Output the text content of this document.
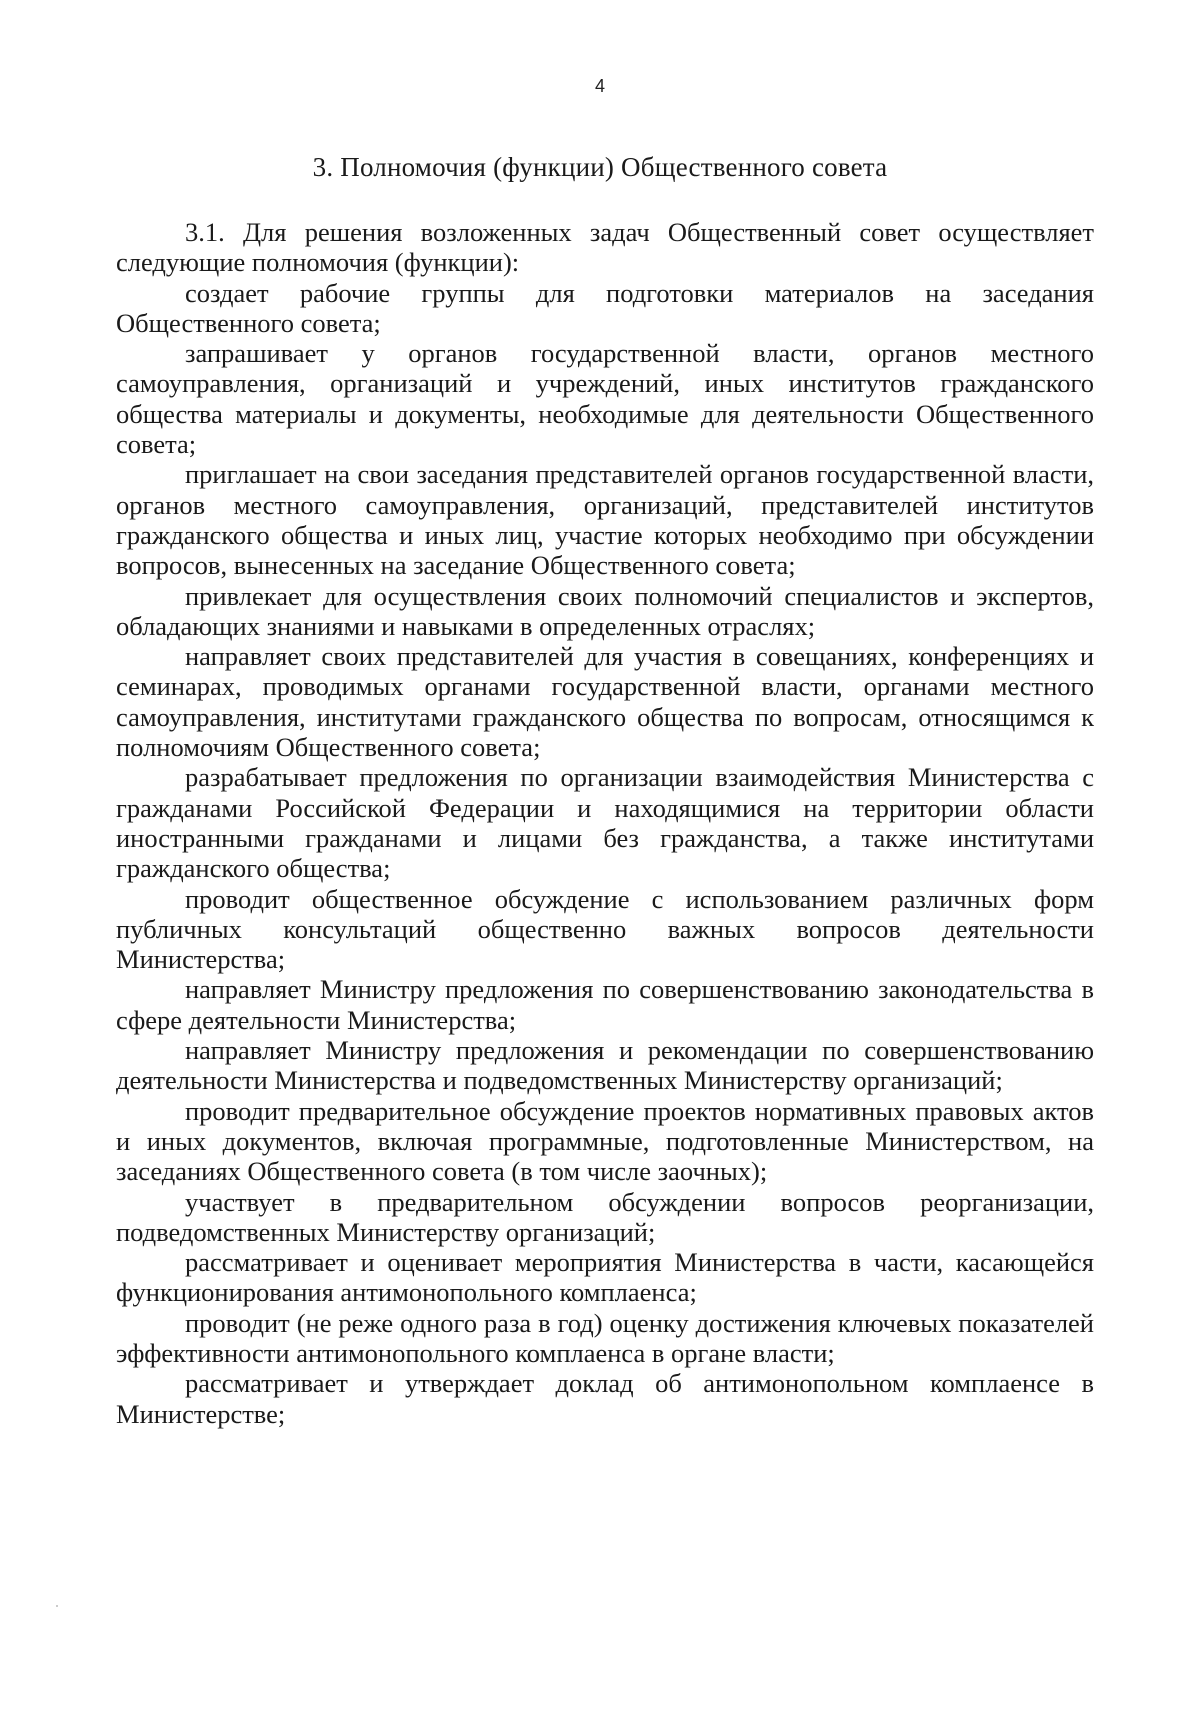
4
3. Полномочия (функции) Общественного совета

3.1. Для решения возложенных задач Общественный совет осуществляет следующие полномочия (функции):

создает рабочие группы для подготовки материалов на заседания Общественного совета;

запрашивает у органов государственной власти, органов местного самоуправления, организаций и учреждений, иных институтов гражданского общества материалы и документы, необходимые для деятельности Общественного совета;

приглашает на свои заседания представителей органов государственной власти, органов местного самоуправления, организаций, представителей институтов гражданского общества и иных лиц, участие которых необходимо при обсуждении вопросов, вынесенных на заседание Общественного совета;

привлекает для осуществления своих полномочий специалистов и экспертов, обладающих знаниями и навыками в определенных отраслях;

направляет своих представителей для участия в совещаниях, конференциях и семинарах, проводимых органами государственной власти, органами местного самоуправления, институтами гражданского общества по вопросам, относящимся к полномочиям Общественного совета;

разрабатывает предложения по организации взаимодействия Министерства с гражданами Российской Федерации и находящимися на территории области иностранными гражданами и лицами без гражданства, а также институтами гражданского общества;

проводит общественное обсуждение с использованием различных форм публичных консультаций общественно важных вопросов деятельности Министерства;

направляет Министру предложения по совершенствованию законодательства в сфере деятельности Министерства;

направляет Министру предложения и рекомендации по совершенствованию деятельности Министерства и подведомственных Министерству организаций;

проводит предварительное обсуждение проектов нормативных правовых актов и иных документов, включая программные, подготовленные Министерством, на заседаниях Общественного совета (в том числе заочных);

участвует в предварительном обсуждении вопросов реорганизации, подведомственных Министерству организаций;

рассматривает и оценивает мероприятия Министерства в части, касающейся функционирования антимонопольного комплаенса;

проводит (не реже одного раза в год) оценку достижения ключевых показателей эффективности антимонопольного комплаенса в органе власти;

рассматривает и утверждает доклад об антимонопольном комплаенсе в Министерстве;
